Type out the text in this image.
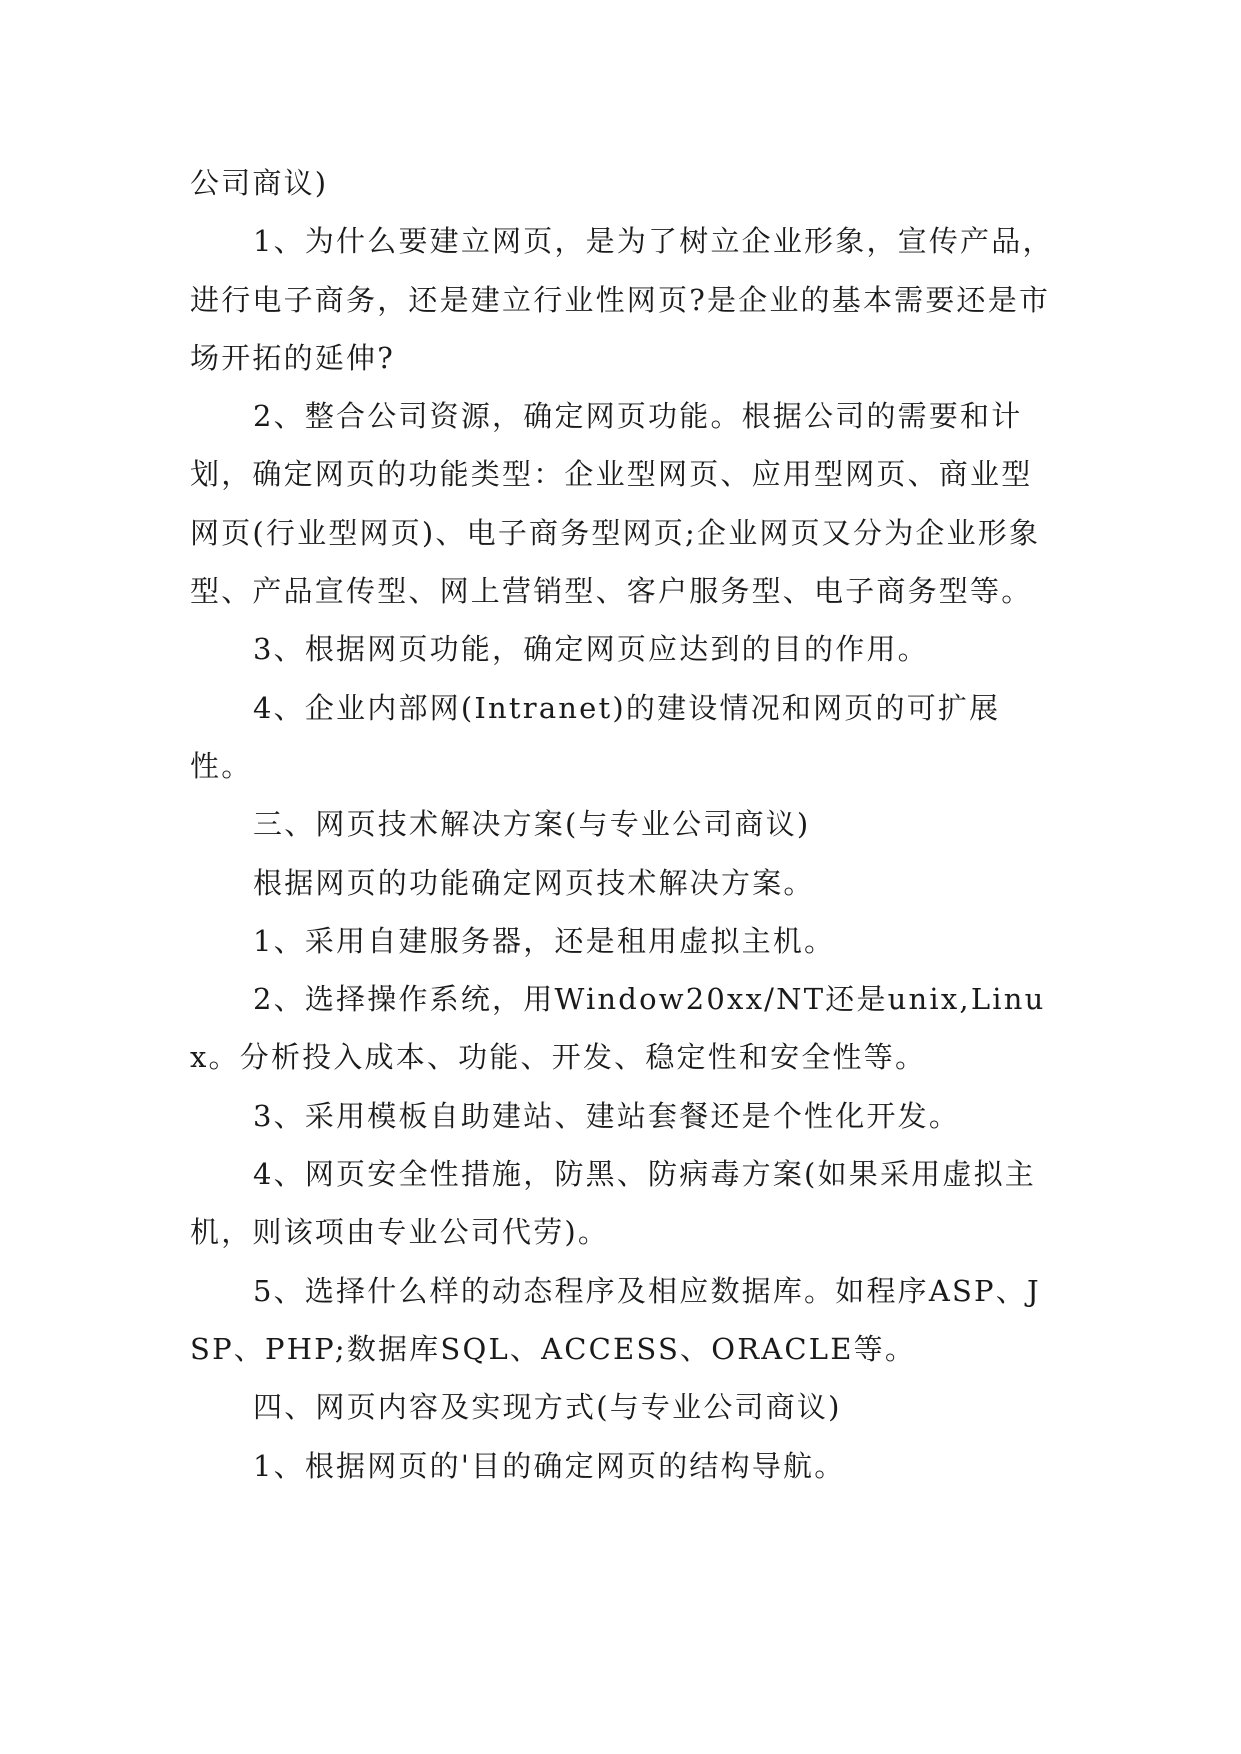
公司商议)

1、为什么要建立网页，是为了树立企业形象，宣传产品，进行电子商务，还是建立行业性网页?是企业的基本需要还是市场开拓的延伸?

2、整合公司资源，确定网页功能。根据公司的需要和计划，确定网页的功能类型：企业型网页、应用型网页、商业型网页(行业型网页)、电子商务型网页;企业网页又分为企业形象型、产品宣传型、网上营销型、客户服务型、电子商务型等。

3、根据网页功能，确定网页应达到的目的作用。

4、企业内部网(Intranet)的建设情况和网页的可扩展性。

三、网页技术解决方案(与专业公司商议)

根据网页的功能确定网页技术解决方案。

1、采用自建服务器，还是租用虚拟主机。

2、选择操作系统，用Window20xx/NT还是unix,Linux。分析投入成本、功能、开发、稳定性和安全性等。

3、采用模板自助建站、建站套餐还是个性化开发。

4、网页安全性措施，防黑、防病毒方案(如果采用虚拟主机，则该项由专业公司代劳)。

5、选择什么样的动态程序及相应数据库。如程序ASP、JSP、PHP;数据库SQL、ACCESS、ORACLE等。

四、网页内容及实现方式(与专业公司商议)

1、根据网页的'目的确定网页的结构导航。
